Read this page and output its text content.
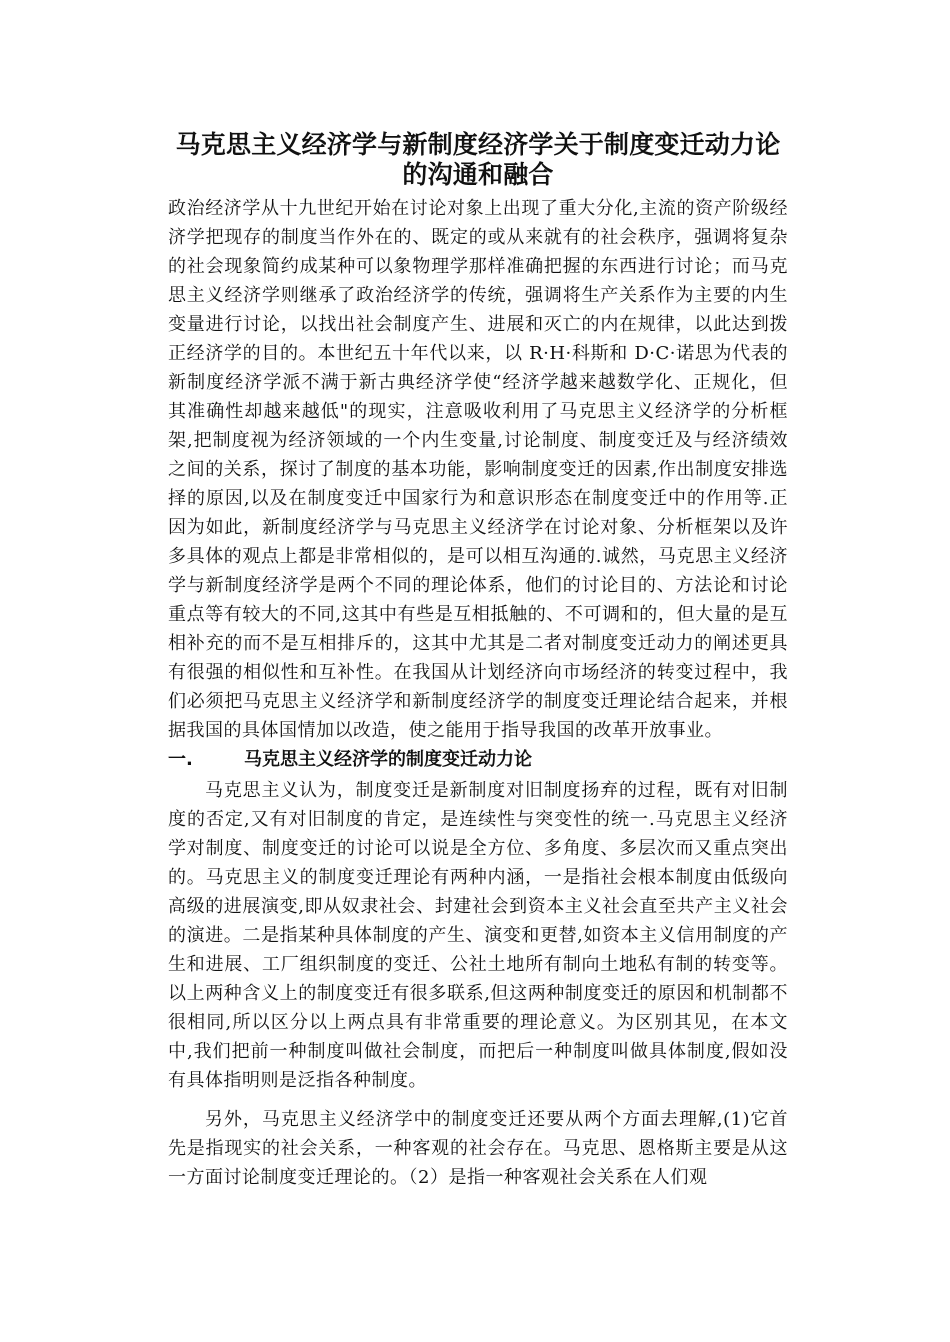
马克思主义经济学与新制度经济学关于制度变迁动力论
的沟通和融合

政治经济学从十九世纪开始在讨论对象上出现了重大分化,主流的资产阶级经济学把现存的制度当作外在的、既定的或从来就有的社会秩序，强调将复杂的社会现象简约成某种可以象物理学那样准确把握的东西进行讨论；而马克思主义经济学则继承了政治经济学的传统，强调将生产关系作为主要的内生变量进行讨论，以找出社会制度产生、进展和灭亡的内在规律，以此达到拨正经济学的目的。本世纪五十年代以来，以 R·H·科斯和 D·C·诺思为代表的新制度经济学派不满于新古典经济学使“经济学越来越数学化、正规化，但其准确性却越来越低"的现实，注意吸收利用了马克思主义经济学的分析框架,把制度视为经济领域的一个内生变量,讨论制度、制度变迁及与经济绩效之间的关系，探讨了制度的基本功能，影响制度变迁的因素,作出制度安排选择的原因,以及在制度变迁中国家行为和意识形态在制度变迁中的作用等.正因为如此，新制度经济学与马克思主义经济学在讨论对象、分析框架以及许多具体的观点上都是非常相似的，是可以相互沟通的.诚然，马克思主义经济学与新制度经济学是两个不同的理论体系，他们的讨论目的、方法论和讨论重点等有较大的不同,这其中有些是互相抵触的、不可调和的，但大量的是互相补充的而不是互相排斥的，这其中尤其是二者对制度变迁动力的阐述更具有很强的相似性和互补性。在我国从计划经济向市场经济的转变过程中，我们必须把马克思主义经济学和新制度经济学的制度变迁理论结合起来，并根据我国的具体国情加以改造，使之能用于指导我国的改革开放事业。

一.	马克思主义经济学的制度变迁动力论

马克思主义认为，制度变迁是新制度对旧制度扬弃的过程，既有对旧制度的否定,又有对旧制度的肯定，是连续性与突变性的统一.马克思主义经济学对制度、制度变迁的讨论可以说是全方位、多角度、多层次而又重点突出的。马克思主义的制度变迁理论有两种内涵，一是指社会根本制度由低级向高级的进展演变,即从奴隶社会、封建社会到资本主义社会直至共产主义社会的演进。二是指某种具体制度的产生、演变和更替,如资本主义信用制度的产生和进展、工厂组织制度的变迁、公社土地所有制向土地私有制的转变等。以上两种含义上的制度变迁有很多联系,但这两种制度变迁的原因和机制都不很相同,所以区分以上两点具有非常重要的理论意义。为区别其见，在本文中,我们把前一种制度叫做社会制度，而把后一种制度叫做具体制度,假如没有具体指明则是泛指各种制度。

另外，马克思主义经济学中的制度变迁还要从两个方面去理解,(1)它首先是指现实的社会关系，一种客观的社会存在。马克思、恩格斯主要是从这一方面讨论制度变迁理论的。（2）是指一种客观社会关系在人们观
